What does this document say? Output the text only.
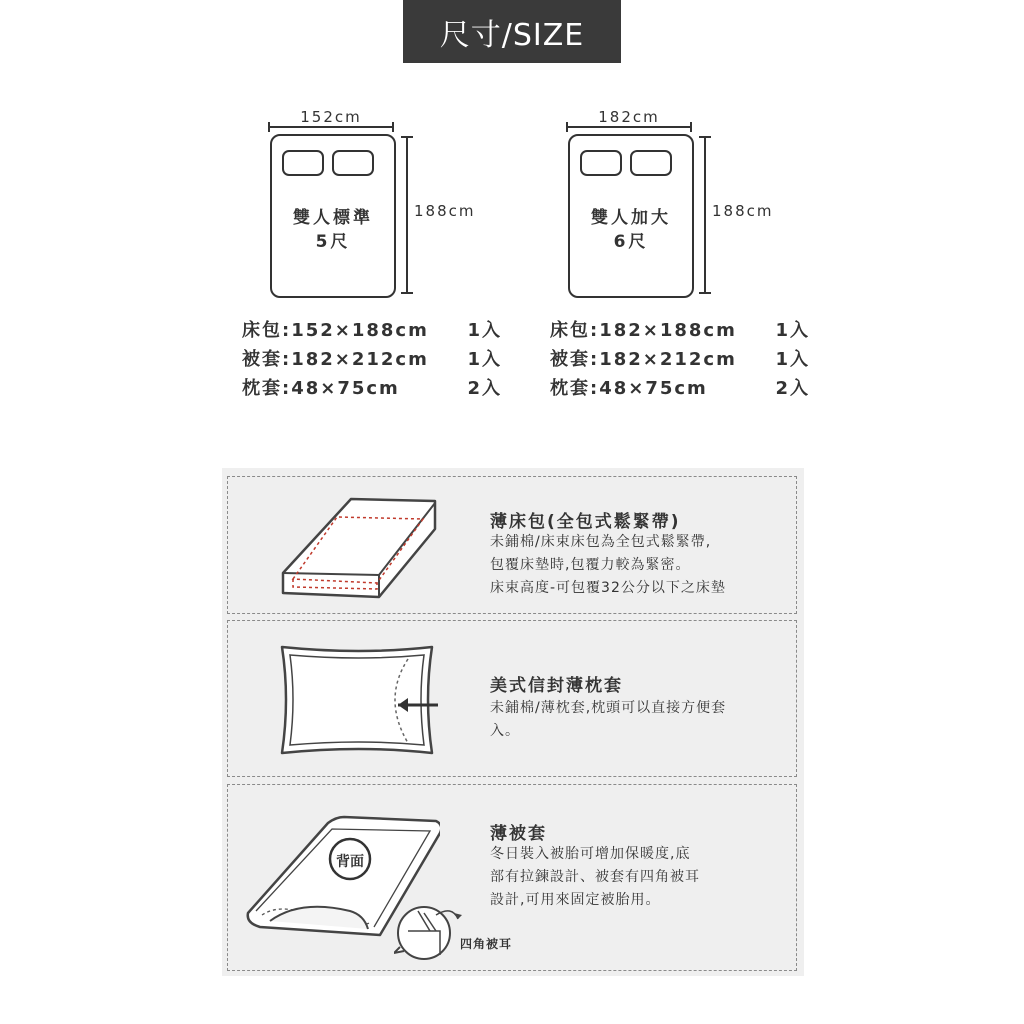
尺寸/SIZE
152cm
雙人標準
5尺
188cm
182cm
雙人加大
6尺
188cm
床包:152×188cm 1入
被套:182×212cm 1入
枕套:48×75cm	2入
床包:182×188cm 1入
被套:182×212cm 1入
枕套:48×75cm	2入
薄床包(全包式鬆緊帶)
未鋪棉/床束床包為全包式鬆緊帶,
包覆床墊時,包覆力較為緊密。
床束高度-可包覆32公分以下之床墊
美式信封薄枕套
未鋪棉/薄枕套,枕頭可以直接方便套
入。
背面
四角被耳
薄被套
冬日裝入被胎可增加保暖度,底
部有拉鍊設計、被套有四角被耳
設計,可用來固定被胎用。
